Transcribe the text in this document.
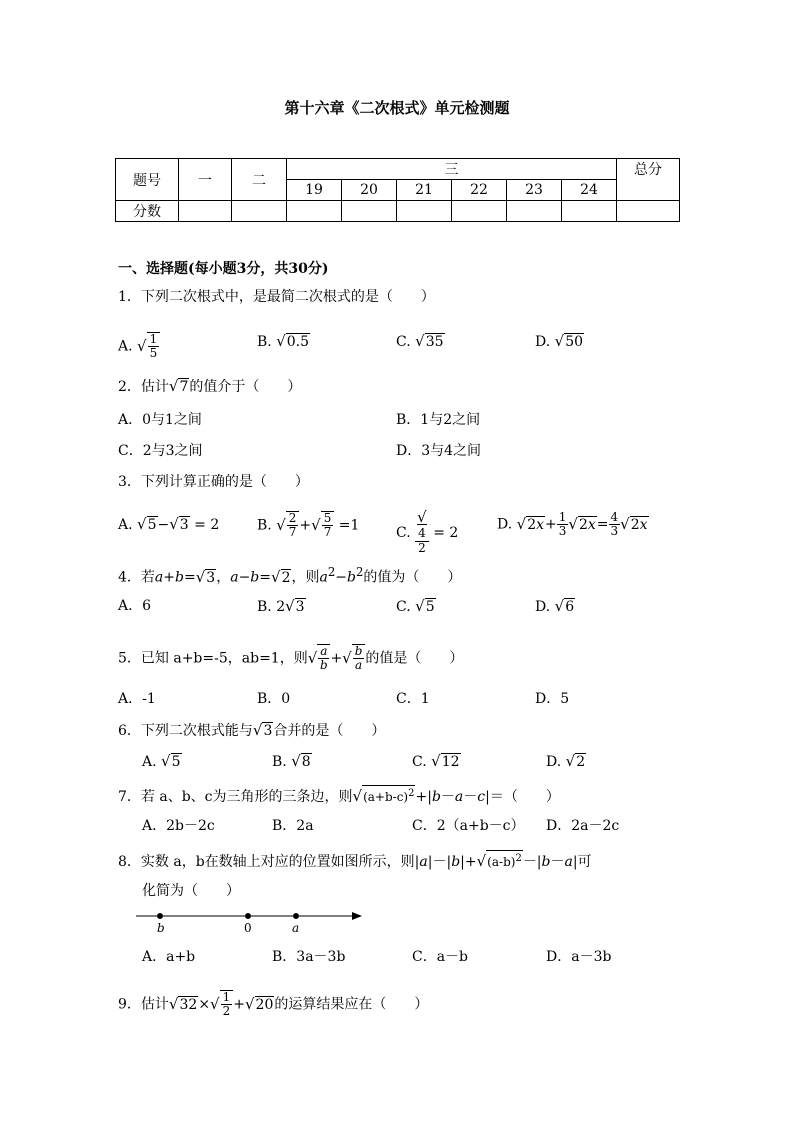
第十六章《二次根式》单元检测题
题号	一	二	三						总分
			19	20	21	22	23	24	
分数									
一、选择题(每小题3分，共30分)
1．下列二次根式中，是最简二次根式的是（　　）
A. √ $\frac{1}{5}$	B. √0.5	C. √35	D. √50
2．估计√7的值介于（　　）
A．0与1之间	B．1与2之间
C．2与3之间	D．3与4之间
3．下列计算正确的是（　　）
A. √5−√3 = 2	B. √ $\frac{2}{7}$ +√ $\frac{5}{7} =1$	C. √
4
2 = 2
D. $√2x+ \frac{1}{3} √2x= \frac{4}{3} √2x$
4．若a+b=√3，a−b=√2，则$a^2-b^2$的值为（　　）
A．6	B. 2√3	C. √5	D. √6
5．已知 a+b=-5，ab=1，则√ $\frac{a}{b}$ +√ $\frac{b}{a}$ 的值是（　　）
A．-1	B．0	C．1	D．5
6．下列二次根式能与√3合并的是（　　）
A. √5	B. √8	C. √12	D. √2
7．若 a、b、c为三角形的三条边，则$√(a+b-c)^2+|b-a-c|=$（　　）
A．2b－2c	B．2a	C．2（a+b－c） D．2a－2c
8．实数 a，b在数轴上对应的位置如图所示，则$|a|-|b|+√(a-b)^2-|b-a|$可
化简为（　　）
b	0	a
A．a+b	B．3a－3b	C．a－b	D．a－3b
9．估计$√32\times√ \frac{1}{2} +√20$的运算结果应在（　　）
